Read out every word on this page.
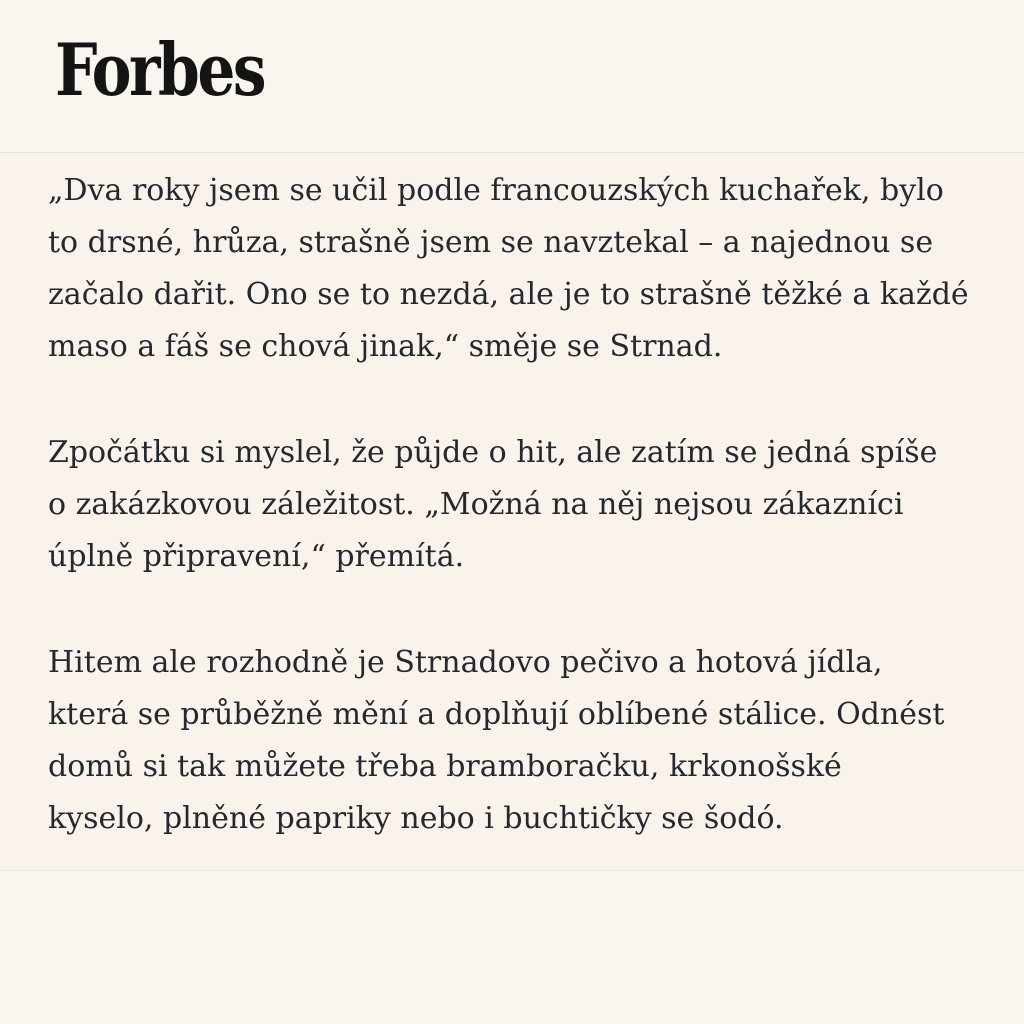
Forbes
„Dva roky jsem se učil podle francouzských kuchařek, bylo
to drsné, hrůza, strašně jsem se navztekal – a najednou se
začalo dařit. Ono se to nezdá, ale je to strašně těžké a každé
maso a fáš se chová jinak,“ směje se Strnad.
Zpočátku si myslel, že půjde o hit, ale zatím se jedná spíše
o zakázkovou záležitost. „Možná na něj nejsou zákazníci
úplně připravení,“ přemítá.
Hitem ale rozhodně je Strnadovo pečivo a hotová jídla,
která se průběžně mění a doplňují oblíbené stálice. Odnést
domů si tak můžete třeba bramboračku, krkonošské
kyselo, plněné papriky nebo i buchtičky se šodó.
